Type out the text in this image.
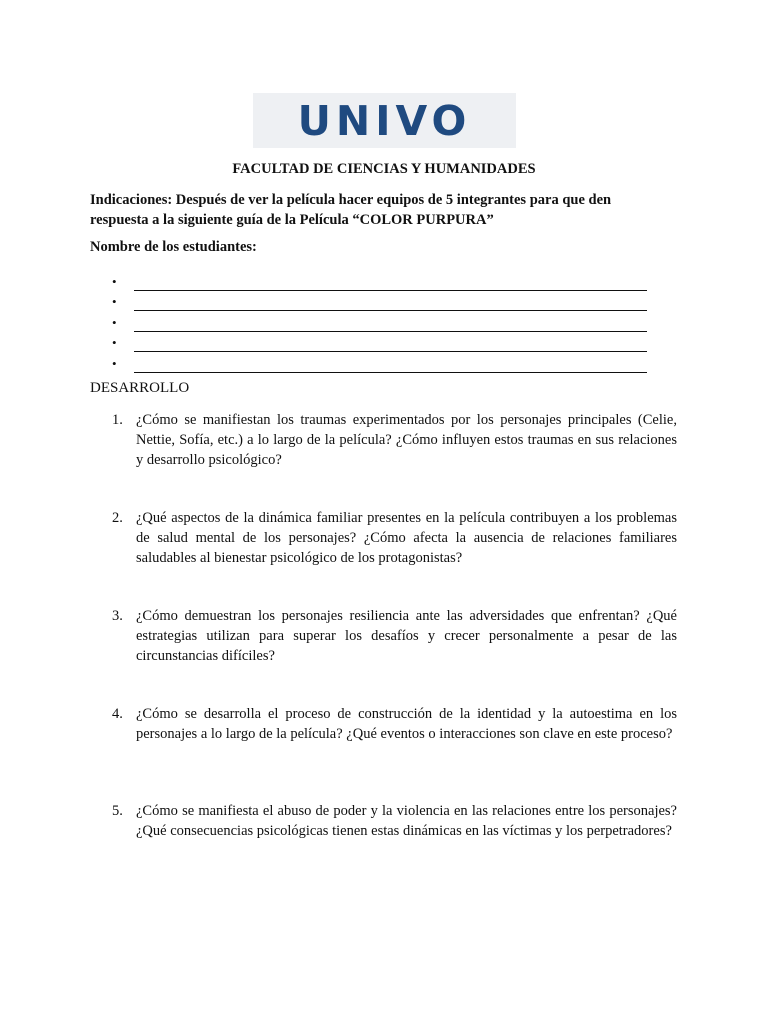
UNIVO
FACULTAD DE CIENCIAS Y HUMANIDADES
Indicaciones: Después de ver la película hacer equipos de 5 integrantes para que den respuesta a la siguiente guía de la Película “COLOR PURPURA”
Nombre de los estudiantes:
•
•
•
•
•
DESARROLLO
1. ¿Cómo se manifiestan los traumas experimentados por los personajes principales (Celie, Nettie, Sofía, etc.) a lo largo de la película? ¿Cómo influyen estos traumas en sus relaciones y desarrollo psicológico?
2. ¿Qué aspectos de la dinámica familiar presentes en la película contribuyen a los problemas de salud mental de los personajes? ¿Cómo afecta la ausencia de relaciones familiares saludables al bienestar psicológico de los protagonistas?
3. ¿Cómo demuestran los personajes resiliencia ante las adversidades que enfrentan? ¿Qué estrategias utilizan para superar los desafíos y crecer personalmente a pesar de las circunstancias difíciles?
4. ¿Cómo se desarrolla el proceso de construcción de la identidad y la autoestima en los personajes a lo largo de la película? ¿Qué eventos o interacciones son clave en este proceso?
5. ¿Cómo se manifiesta el abuso de poder y la violencia en las relaciones entre los personajes? ¿Qué consecuencias psicológicas tienen estas dinámicas en las víctimas y los perpetradores?
